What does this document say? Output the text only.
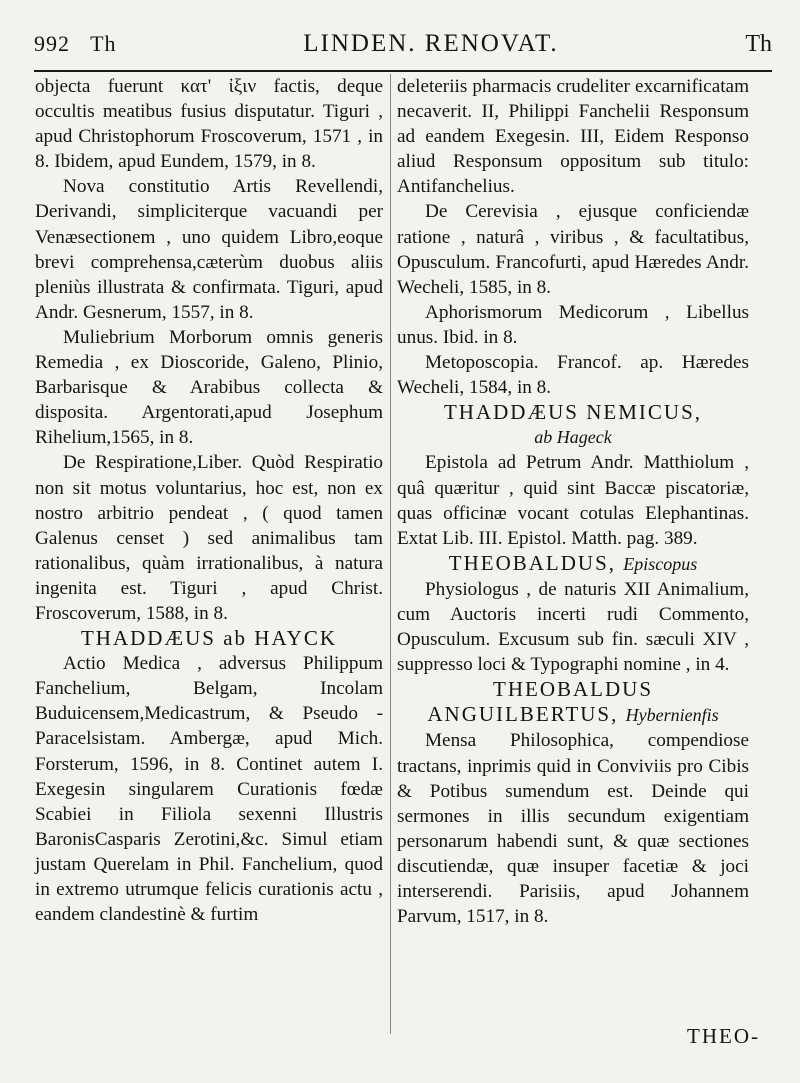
992 Th	LINDEN. RENOVAT.	Th

objecta fuerunt κατ' ἰξιν factis, deque occultis meatibus fusius disputatur. Tiguri , apud Christophorum Froscoverum, 1571 , in 8. Ibidem, apud Eundem, 1579, in 8.

Nova constitutio Artis Revellendi, Derivandi, simpliciterque vacuandi per Venæsectionem , uno quidem Libro,eoque brevi comprehensa,cæterùm duobus aliis pleniùs illustrata & confirmata. Tiguri, apud Andr. Gesnerum, 1557, in 8.

Muliebrium Morborum omnis generis Remedia , ex Dioscoride, Galeno, Plinio, Barbarisque & Arabibus collecta & disposita. Argentorati,apud Josephum Rihelium,1565, in 8.

De Respiratione,Liber. Quòd Respiratio non sit motus voluntarius, hoc est, non ex nostro arbitrio pendeat , ( quod tamen Galenus censet ) sed animalibus tam rationalibus, quàm irrationalibus, à natura ingenita est. Tiguri , apud Christ. Froscoverum, 1588, in 8.

THADDÆUS ab HAYCK

Actio Medica , adversus Philippum Fanchelium, Belgam, Incolam Buduicensem,Medicastrum, & Pseudo - Paracelsistam. Ambergæ, apud Mich. Forsterum, 1596, in 8. Continet autem I. Exegesin singularem Curationis fœdæ Scabiei in Filiola sexenni Illustris BaronisCasparis Zerotini,&c. Simul etiam justam Querelam in Phil. Fanchelium, quod in extremo utrumque felicis curationis actu , eandem clandestinè & furtim

deleteriis pharmacis crudeliter excarnificatam necaverit. II, Philippi Fanchelii Responsum ad eandem Exegesin. III, Eidem Responso aliud Responsum oppositum sub titulo: Antifanchelius.

De Cerevisia , ejusque conficiendæ ratione , naturâ , viribus , & facultatibus, Opusculum. Francofurti, apud Hæredes Andr. Wecheli, 1585, in 8.

Aphorismorum Medicorum , Libellus unus. Ibid. in 8.

Metoposcopia. Francof. ap. Hæredes Wecheli, 1584, in 8.

THADDÆUS NEMICUS,

ab Hageck

Epistola ad Petrum Andr. Matthiolum , quâ quæritur , quid sint Baccæ piscatoriæ, quas officinæ vocant cotulas Elephantinas. Extat Lib. III. Epistol. Matth. pag. 389.

THEOBALDUS, Episcopus

Physiologus , de naturis XII Animalium, cum Auctoris incerti rudi Commento, Opusculum. Excusum sub fin. sæculi XIV , suppresso loci & Typographi nomine , in 4.

THEOBALDUS ANGUILBERTUS, Hybernienfis

Mensa Philosophica, compendiose tractans, inprimis quid in Conviviis pro Cibis & Potibus sumendum est. Deinde qui sermones in illis secundum exigentiam personarum habendi sunt, & quæ sectiones discutiendæ, quæ insuper facetiæ & joci interserendi. Parisiis, apud Johannem Parvum, 1517, in 8.

THEO-
